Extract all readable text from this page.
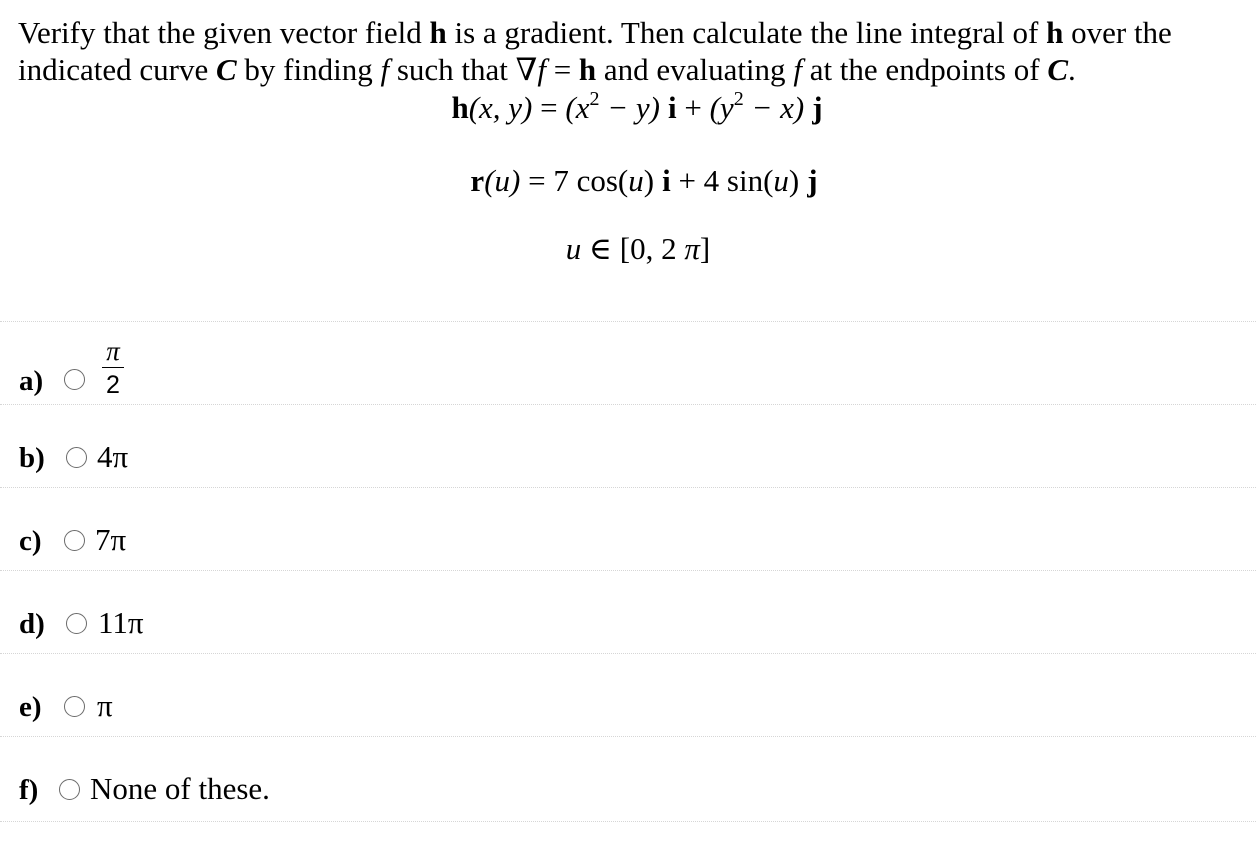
Verify that the given vector field h is a gradient. Then calculate the line integral of h over the

indicated curve C by finding f such that ∇f = h and evaluating f at the endpoints of C.

h(x, $y) = (x^2 - y) i + (y^2 - x)$ j
r(u) = 7 cos(u) i + 4 sin(u) j
u ∈ [0, 2 π]
a)
π
2
b) 4π
c) 7π
d) 11π
e) π
f) None of these.
